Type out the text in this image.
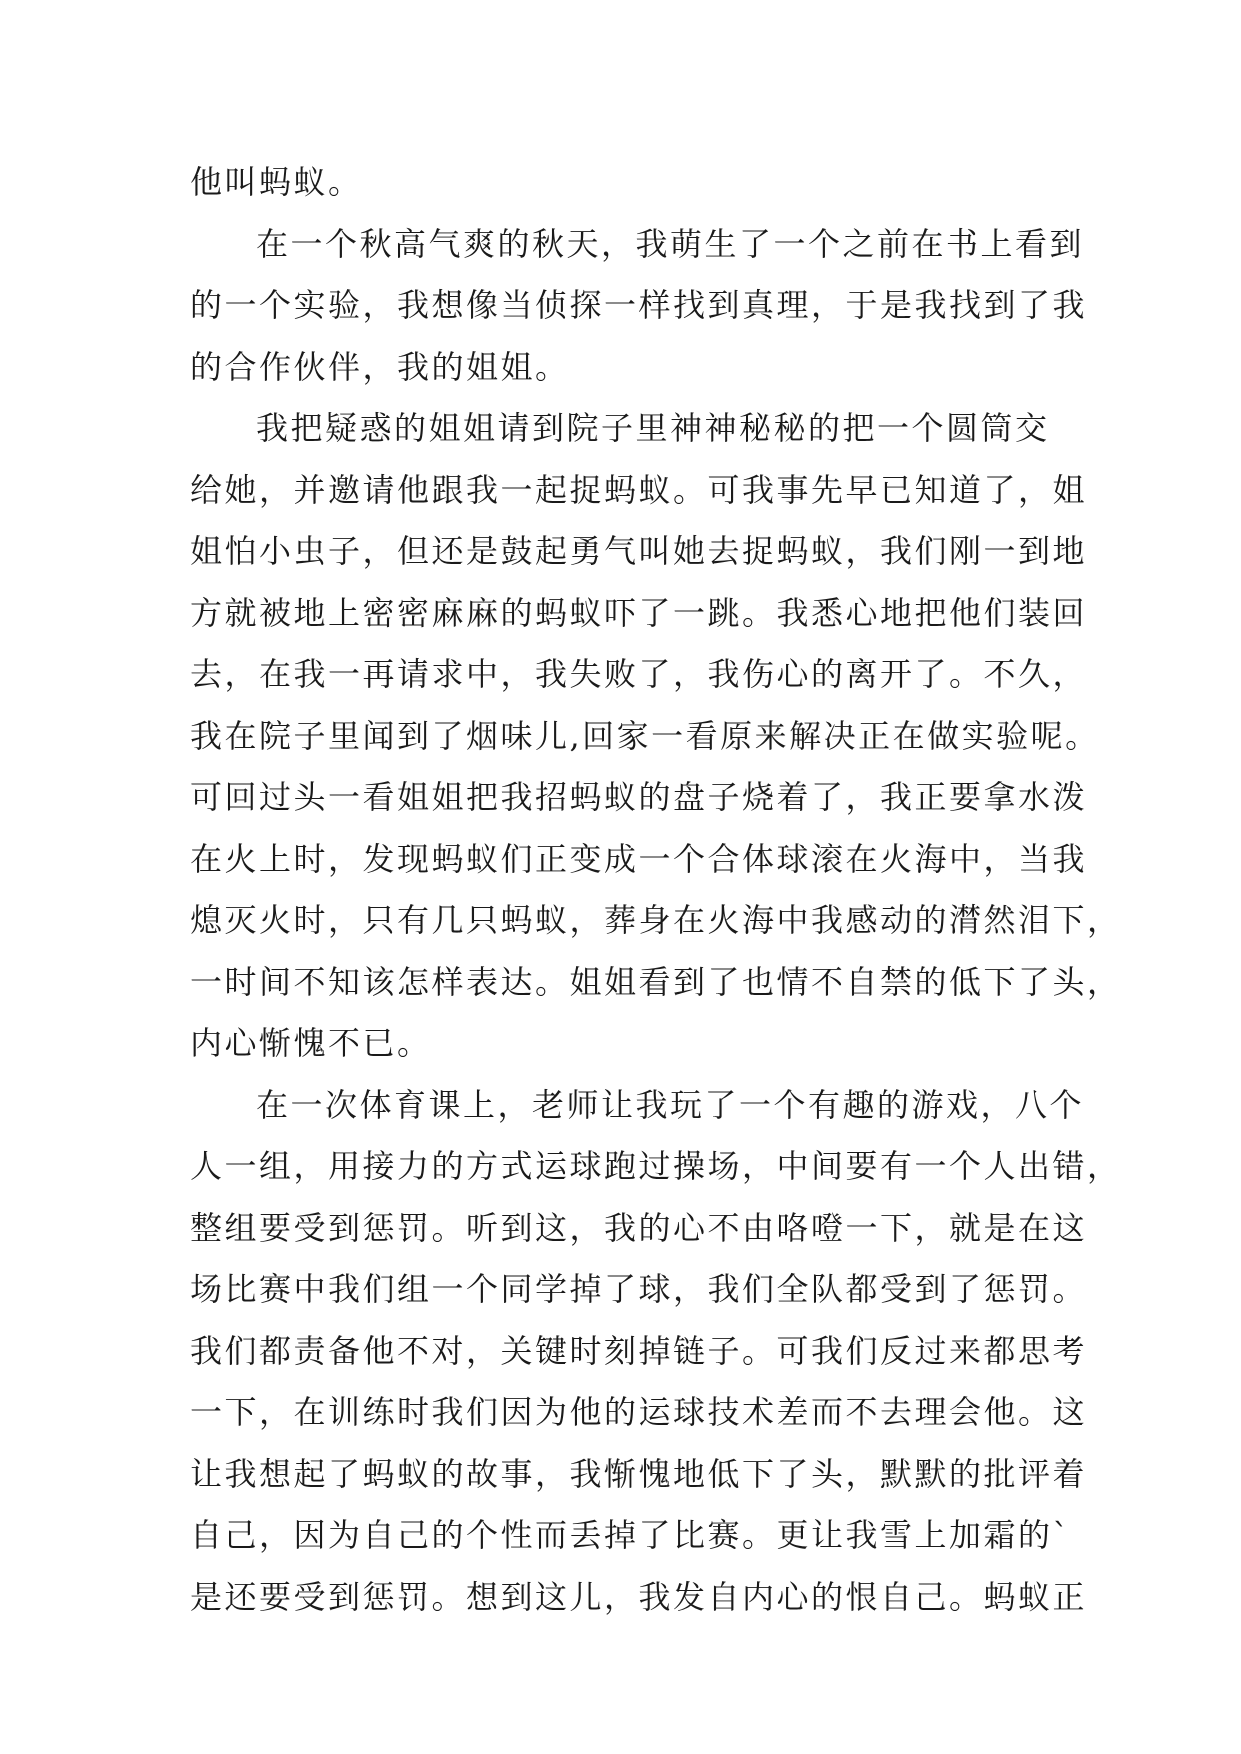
他叫蚂蚁。
在一个秋高气爽的秋天，我萌生了一个之前在书上看到
的一个实验，我想像当侦探一样找到真理，于是我找到了我
的合作伙伴，我的姐姐。
我把疑惑的姐姐请到院子里神神秘秘的把一个圆筒交
给她，并邀请他跟我一起捉蚂蚁。可我事先早已知道了，姐
姐怕小虫子，但还是鼓起勇气叫她去捉蚂蚁，我们刚一到地
方就被地上密密麻麻的蚂蚁吓了一跳。我悉心地把他们装回
去，在我一再请求中，我失败了，我伤心的离开了。不久，
我在院子里闻到了烟味儿,回家一看原来解决正在做实验呢。
可回过头一看姐姐把我招蚂蚁的盘子烧着了，我正要拿水泼
在火上时，发现蚂蚁们正变成一个合体球滚在火海中，当我
熄灭火时，只有几只蚂蚁，葬身在火海中我感动的潸然泪下，
一时间不知该怎样表达。姐姐看到了也情不自禁的低下了头，
内心惭愧不已。
在一次体育课上，老师让我玩了一个有趣的游戏，八个
人一组，用接力的方式运球跑过操场，中间要有一个人出错，
整组要受到惩罚。听到这，我的心不由咯噔一下，就是在这
场比赛中我们组一个同学掉了球，我们全队都受到了惩罚。
我们都责备他不对，关键时刻掉链子。可我们反过来都思考
一下，在训练时我们因为他的运球技术差而不去理会他。这
让我想起了蚂蚁的故事，我惭愧地低下了头，默默的批评着
自己，因为自己的个性而丢掉了比赛。更让我雪上加霜的`
是还要受到惩罚。想到这儿，我发自内心的恨自己。蚂蚁正
